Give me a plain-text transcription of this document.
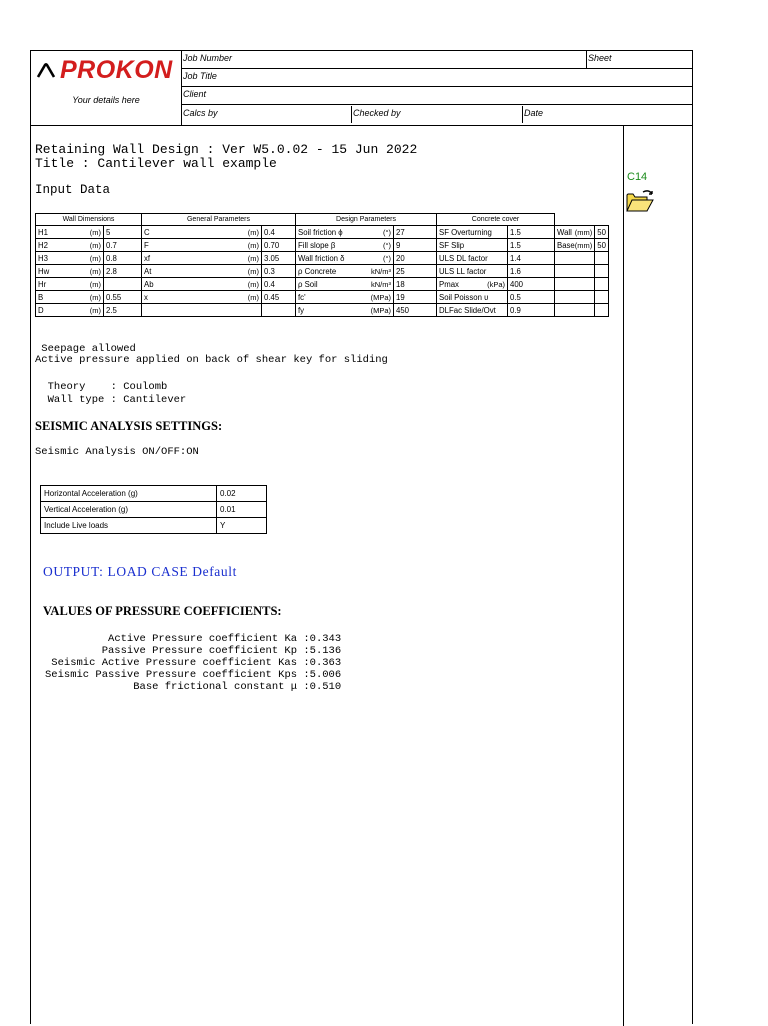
PROKON
Your details here
Job Number	Sheet
Job Title
Client
Calcs by	Checked by	Date
C14
Retaining Wall Design : Ver W5.0.02 - 15 Jun 2022
Title : Cantilever wall example
Input Data
Wall Dimensions		General Parameters		Design Parameters		Concrete cover			
H1 (m)	5	C (m)	0.4	Soil friction ϕ (°)	27	SF Overturning	1.5	Wall (mm)	50
H2 (m)	0.7	F (m)	0.70	Fill slope β (°)	9	SF Slip	1.5	Base (mm)	50
H3 (m)	0.8	xf (m)	3.05	Wall friction δ (°)	20	ULS DL factor	1.4		
Hw (m)	2.8	At (m)	0.3	ρ Concrete kN/m³	25	ULS LL factor	1.6		
Hr (m)		Ab (m)	0.4	ρ Soil kN/m³	18	Pmax (kPa)	400		
B (m)	0.55	x (m)	0.45	fc' (MPa)	19	Soil Poisson υ	0.5		
D (m)	2.5			fy (MPa)	450	DLFac Slide/Ovt	0.9		
Seepage allowed
Active pressure applied on back of shear key for sliding
Theory    : Coulomb
Wall type : Cantilever
SEISMIC ANALYSIS SETTINGS:
Seismic Analysis ON/OFF:ON
Horizontal Acceleration (g)	0.02
Vertical Acceleration (g)	0.01
Include Live loads	Y
OUTPUT: LOAD CASE Default
VALUES OF PRESSURE COEFFICIENTS:
Active Pressure coefficient Ka :0.343
Passive Pressure coefficient Kp :5.136
Seismic Active Pressure coefficient Kas :0.363
Seismic Passive Pressure coefficient Kps :5.006
Base frictional constant μ :0.510
